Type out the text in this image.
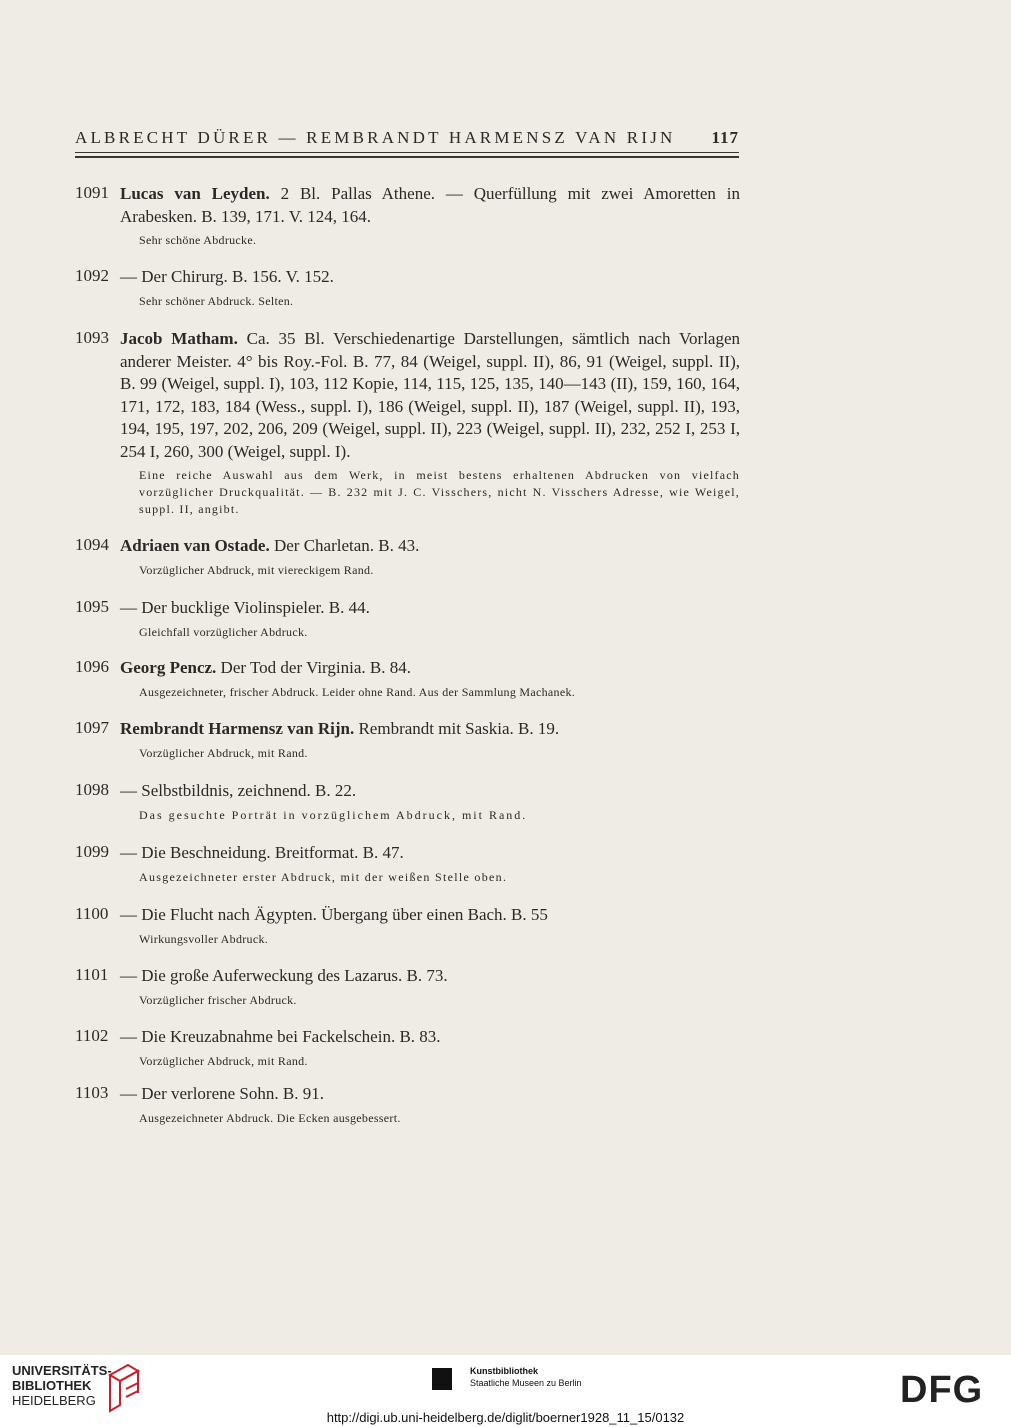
ALBRECHT DÜRER — REMBRANDT HARMENSZ VAN RIJN 117
1091 Lucas van Leyden. 2 Bl. Pallas Athene. — Querfüllung mit zwei Amoretten in Arabesken. B. 139, 171. V. 124, 164.
Sehr schöne Abdrucke.
1092 — Der Chirurg. B. 156. V. 152.
Sehr schöner Abdruck. Selten.
1093 Jacob Matham. Ca. 35 Bl. Verschiedenartige Darstellungen, sämtlich nach Vorlagen anderer Meister. 4° bis Roy.-Fol. B. 77, 84 (Weigel, suppl. II), 86, 91 (Weigel, suppl. II), B. 99 (Weigel, suppl. I), 103, 112 Kopie, 114, 115, 125, 135, 140—143 (II), 159, 160, 164, 171, 172, 183, 184 (Wess., suppl. I), 186 (Weigel, suppl. II), 187 (Weigel, suppl. II), 193, 194, 195, 197, 202, 206, 209 (Weigel, suppl. II), 223 (Weigel, suppl. II), 232, 252 I, 253 I, 254 I, 260, 300 (Weigel, suppl. I).
Eine reiche Auswahl aus dem Werk, in meist bestens erhaltenen Abdrucken von vielfach vorzüglicher Druckqualität. — B. 232 mit J. C. Visschers, nicht N. Visschers Adresse, wie Weigel, suppl. II, angibt.
1094 Adriaen van Ostade. Der Charletan. B. 43.
Vorzüglicher Abdruck, mit viereckigem Rand.
1095 — Der bucklige Violinspieler. B. 44.
Gleichfall vorzüglicher Abdruck.
1096 Georg Pencz. Der Tod der Virginia. B. 84.
Ausgezeichneter, frischer Abdruck. Leider ohne Rand. Aus der Sammlung Machanek.
1097 Rembrandt Harmensz van Rijn. Rembrandt mit Saskia. B. 19.
Vorzüglicher Abdruck, mit Rand.
1098 — Selbstbildnis, zeichnend. B. 22.
Das gesuchte Porträt in vorzüglichem Abdruck, mit Rand.
1099 — Die Beschneidung. Breitformat. B. 47.
Ausgezeichneter erster Abdruck, mit der weißen Stelle oben.
1100 — Die Flucht nach Ägypten. Übergang über einen Bach. B. 55
Wirkungsvoller Abdruck.
1101 — Die große Auferweckung des Lazarus. B. 73.
Vorzüglicher frischer Abdruck.
1102 — Die Kreuzabnahme bei Fackelschein. B. 83.
Vorzüglicher Abdruck, mit Rand.
1103 — Der verlorene Sohn. B. 91.
Ausgezeichneter Abdruck. Die Ecken ausgebessert.
UNIVERSITÄTS-
BIBLIOTHEK
HEIDELBERG
Kunstbibliothek
Staatliche Museen zu Berlin	DFG
http://digi.ub.uni-heidelberg.de/diglit/boerner1928_11_15/0132
